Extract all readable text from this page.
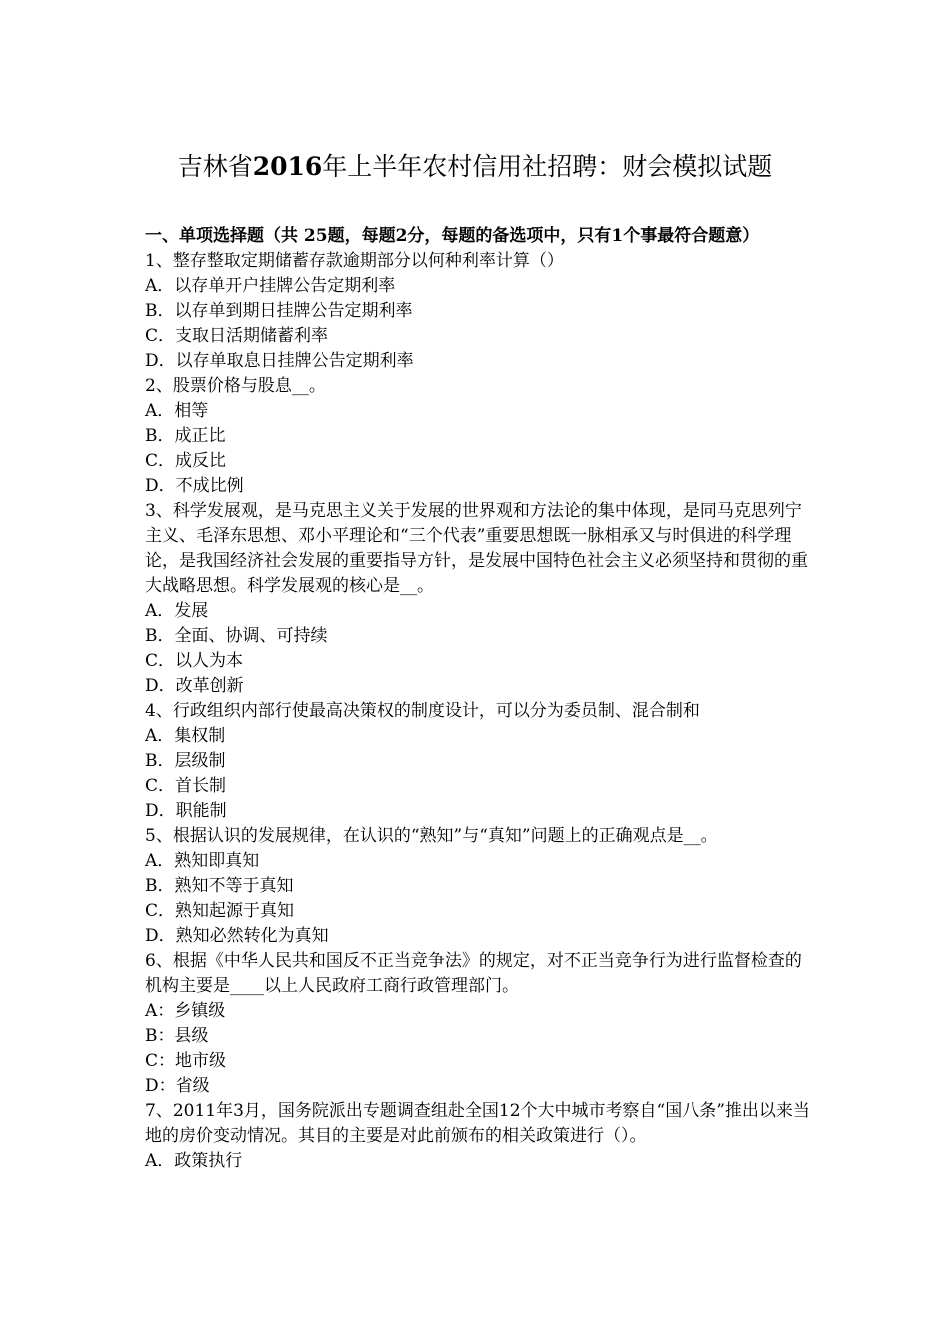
吉林省2016年上半年农村信用社招聘：财会模拟试题

一、单项选择题（共 25题，每题2分，每题的备选项中，只有1个事最符合题意）

1、整存整取定期储蓄存款逾期部分以何种利率计算（）

A．以存单开户挂牌公告定期利率

B．以存单到期日挂牌公告定期利率

C．支取日活期储蓄利率

D．以存单取息日挂牌公告定期利率

2、股票价格与股息__。

A．相等

B．成正比

C．成反比

D．不成比例

3、科学发展观，是马克思主义关于发展的世界观和方法论的集中体现，是同马克思列宁主义、毛泽东思想、邓小平理论和“三个代表”重要思想既一脉相承又与时俱进的科学理论，是我国经济社会发展的重要指导方针，是发展中国特色社会主义必须坚持和贯彻的重大战略思想。科学发展观的核心是__。

A．发展

B．全面、协调、可持续

C．以人为本

D．改革创新

4、行政组织内部行使最高决策权的制度设计，可以分为委员制、混合制和

A．集权制

B．层级制

C．首长制

D．职能制

5、根据认识的发展规律，在认识的“熟知”与“真知”问题上的正确观点是__。

A．熟知即真知

B．熟知不等于真知

C．熟知起源于真知

D．熟知必然转化为真知

6、根据《中华人民共和国反不正当竞争法》的规定，对不正当竞争行为进行监督检查的机构主要是____以上人民政府工商行政管理部门。

A：乡镇级

B：县级

C：地市级

D：省级

7、2011年3月，国务院派出专题调查组赴全国12个大中城市考察自“国八条”推出以来当地的房价变动情况。其目的主要是对此前颁布的相关政策进行（）。

A．政策执行
